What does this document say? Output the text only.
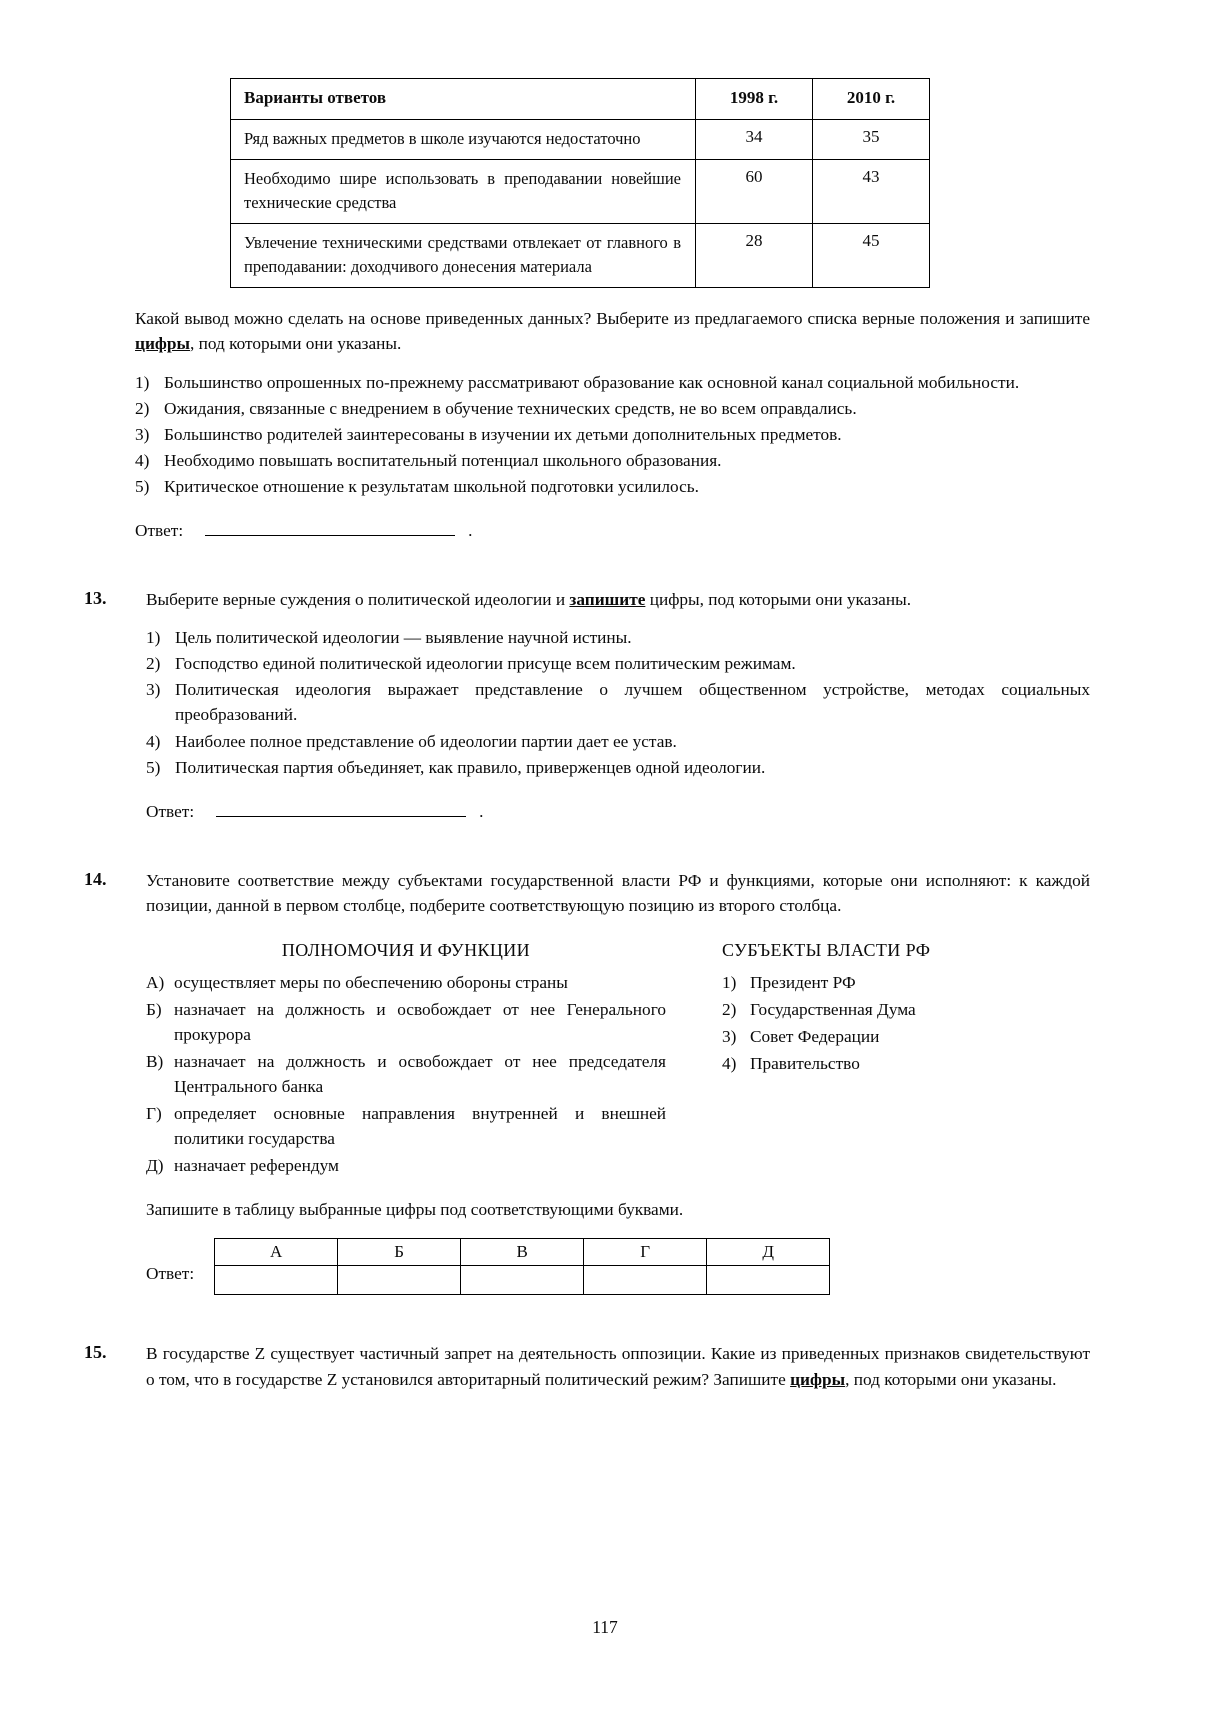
Варианты ответов	1998 г.	2010 г.
Ряд важных предметов в школе изучаются недостаточно	34	35
Необходимо шире использовать в преподавании новейшие технические средства	60	43
Увлечение техническими средствами отвлекает от главного в преподавании: доходчивого донесения материала	28	45
Какой вывод можно сделать на основе приведенных данных? Выберите из предлагаемого списка верные положения и запишите цифры, под которыми они указаны.
1) Большинство опрошенных по-прежнему рассматривают образование как основной канал социальной мобильности.
2) Ожидания, связанные с внедрением в обучение технических средств, не во всем оправдались.
3) Большинство родителей заинтересованы в изучении их детьми дополнительных предметов.
4) Необходимо повышать воспитательный потенциал школьного образования.
5) Критическое отношение к результатам школьной подготовки усилилось.
Ответ:	.
13.	Выберите верные суждения о политической идеологии и запишите цифры, под которыми они указаны.
1) Цель политической идеологии — выявление научной истины.
2) Господство единой политической идеологии присуще всем политическим режимам.
3) Политическая идеология выражает представление о лучшем общественном устройстве, методах социальных преобразований.
4) Наиболее полное представление об идеологии партии дает ее устав.
5) Политическая партия объединяет, как правило, приверженцев одной идеологии.
Ответ:	.
14.	Установите соответствие между субъектами государственной власти РФ и функциями, которые они исполняют: к каждой позиции, данной в первом столбце, подберите соответствующую позицию из второго столбца.
ПОЛНОМОЧИЯ И ФУНКЦИИ
А) осуществляет меры по обеспечению обороны страны
Б) назначает на должность и освобождает от нее Генерального прокурора
В) назначает на должность и освобождает от нее председателя Центрального банка
Г) определяет основные направления внутренней и внешней политики государства
Д) назначает референдум
СУБЪЕКТЫ ВЛАСТИ РФ
1) Президент РФ
2) Государственная Дума
3) Совет Федерации
4) Правительство
Запишите в таблицу выбранные цифры под соответствующими буквами.
Ответ:
А	Б	В	Г	Д

15.	В государстве Z существует частичный запрет на деятельность оппозиции. Какие из приведенных признаков свидетельствуют о том, что в государстве Z установился авторитарный политический режим? Запишите цифры, под которыми они указаны.
117
